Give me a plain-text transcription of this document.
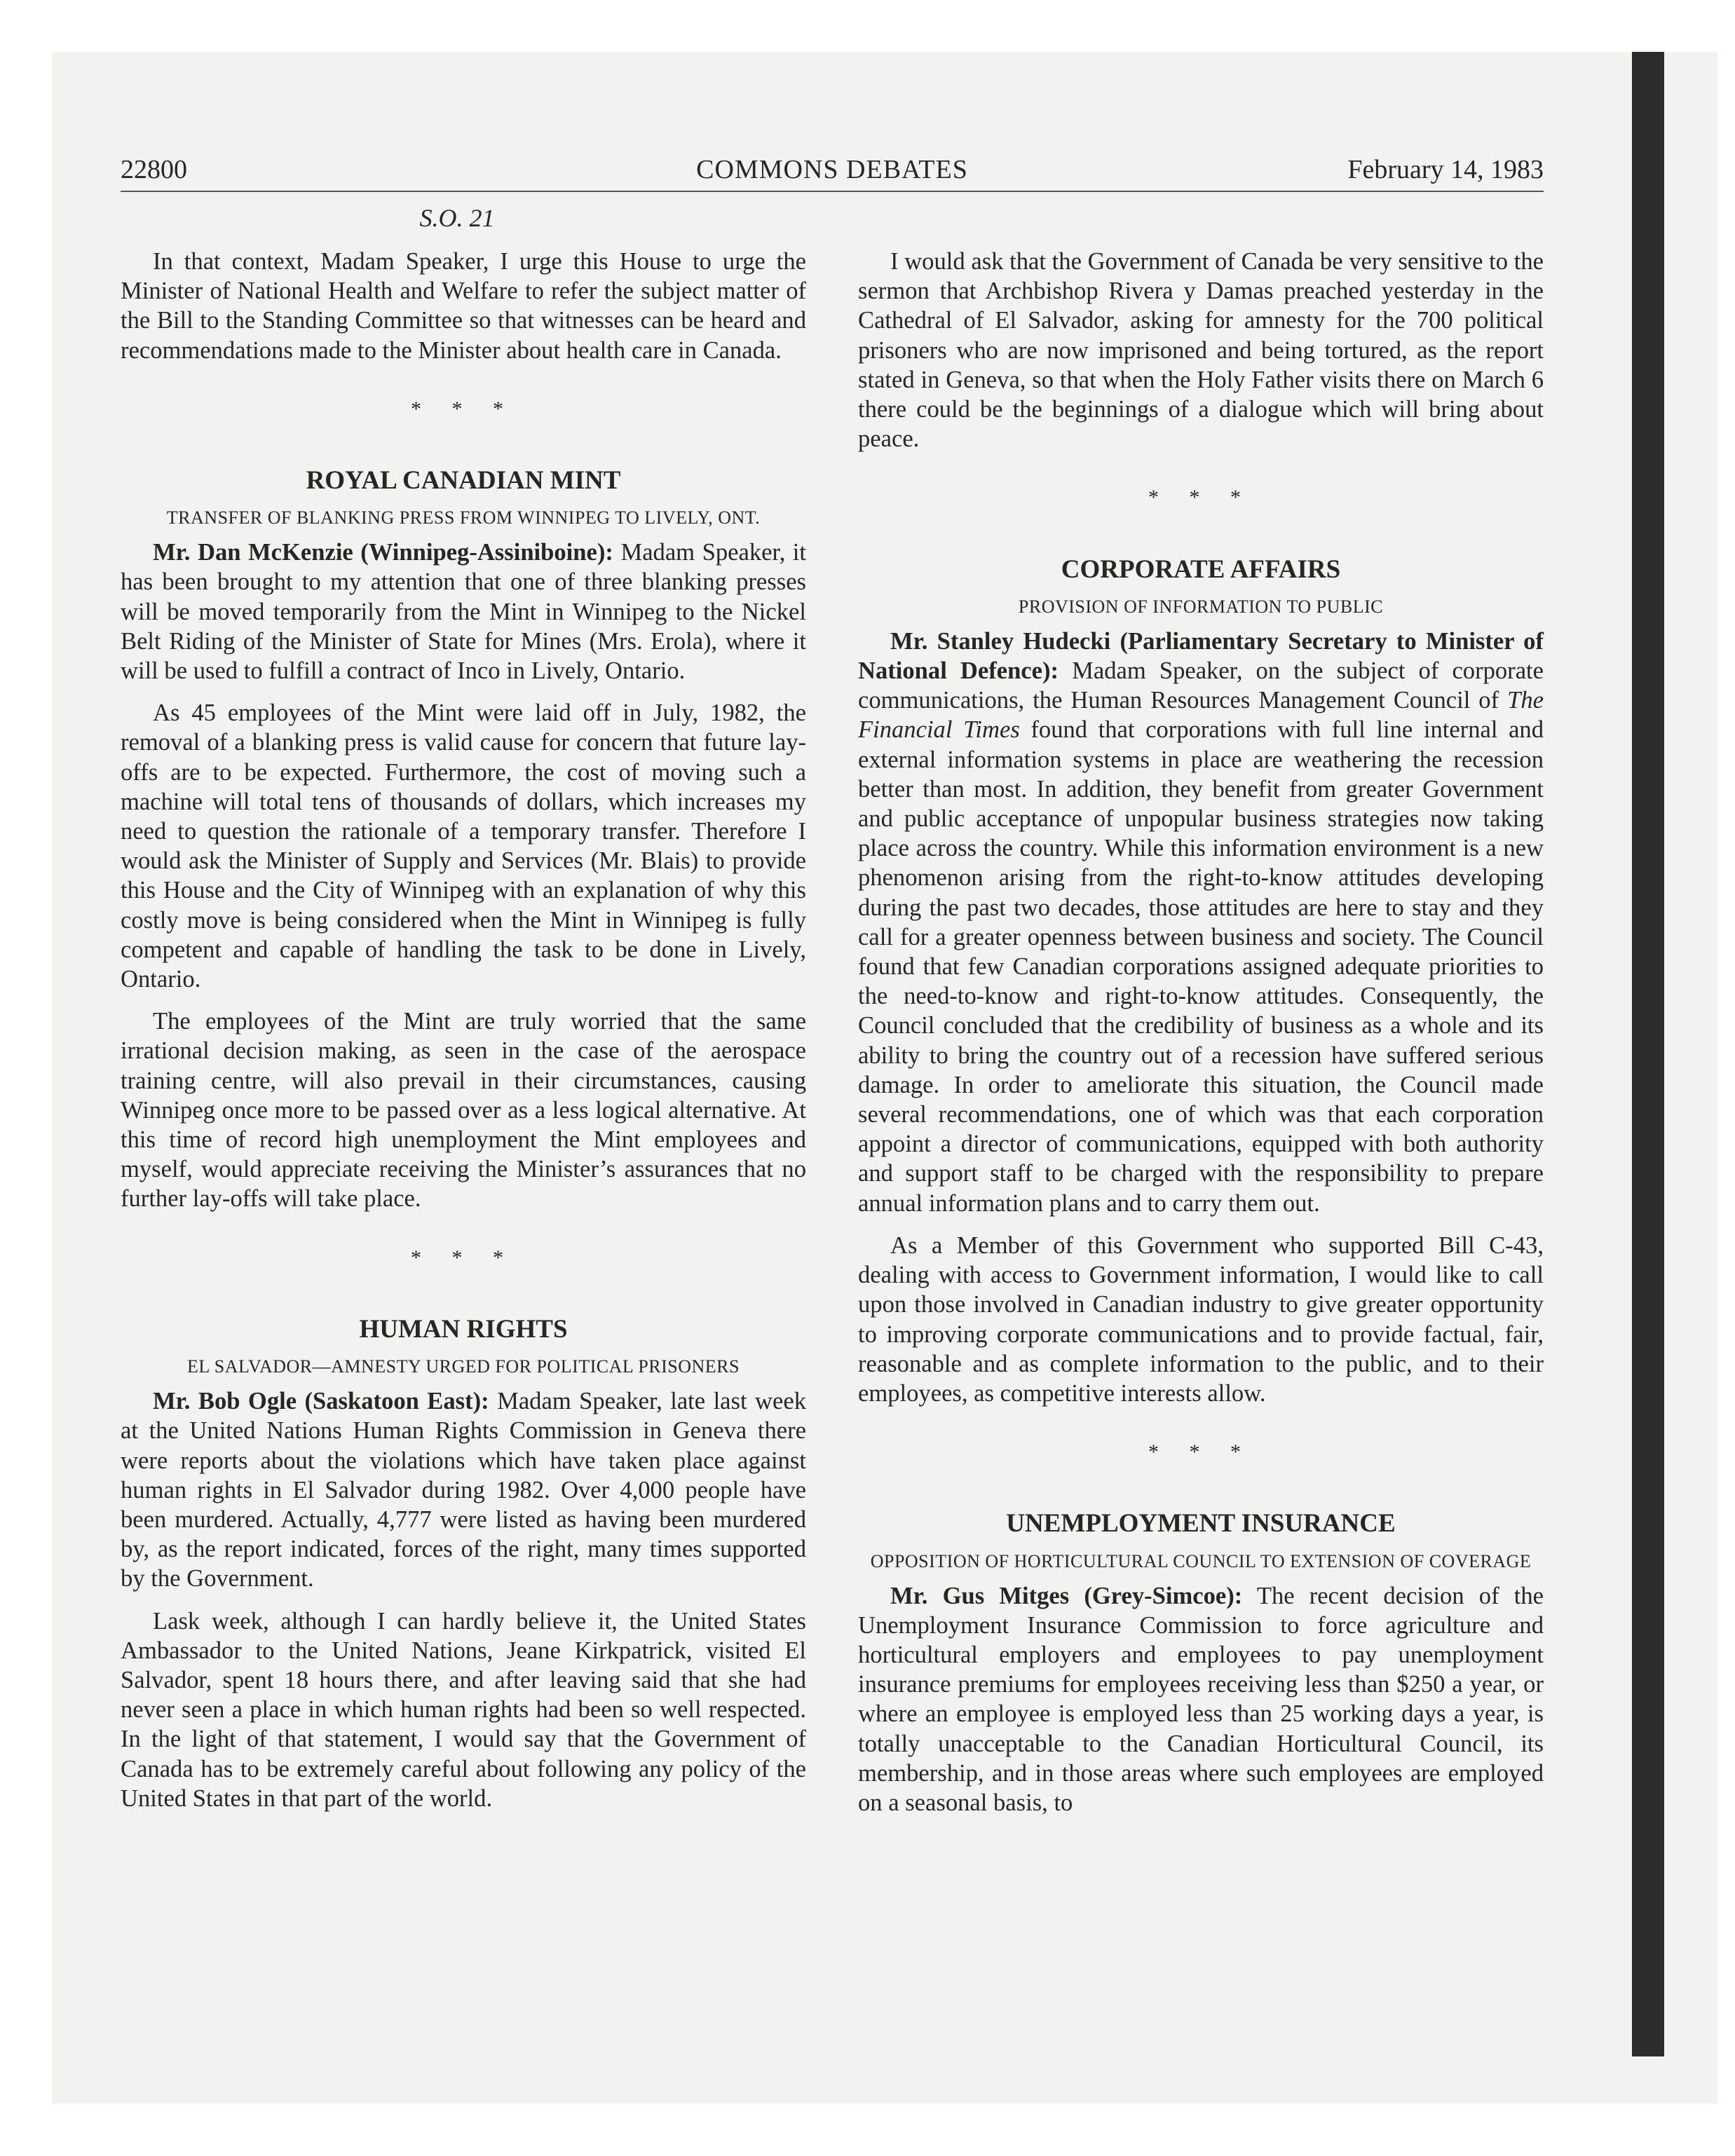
22800	COMMONS DEBATES	February 14, 1983
S.O. 21

In that context, Madam Speaker, I urge this House to urge the Minister of National Health and Welfare to refer the subject matter of the Bill to the Standing Committee so that witnesses can be heard and recommendations made to the Minister about health care in Canada.

* * *
ROYAL CANADIAN MINT
TRANSFER OF BLANKING PRESS FROM WINNIPEG TO LIVELY, ONT.

Mr. Dan McKenzie (Winnipeg-Assiniboine): Madam Speaker, it has been brought to my attention that one of three blanking presses will be moved temporarily from the Mint in Winnipeg to the Nickel Belt Riding of the Minister of State for Mines (Mrs. Erola), where it will be used to fulfill a contract of Inco in Lively, Ontario.

As 45 employees of the Mint were laid off in July, 1982, the removal of a blanking press is valid cause for concern that future lay-offs are to be expected. Furthermore, the cost of moving such a machine will total tens of thousands of dollars, which increases my need to question the rationale of a temporary transfer. Therefore I would ask the Minister of Supply and Services (Mr. Blais) to provide this House and the City of Winnipeg with an explanation of why this costly move is being considered when the Mint in Winnipeg is fully competent and capable of handling the task to be done in Lively, Ontario.

The employees of the Mint are truly worried that the same irrational decision making, as seen in the case of the aerospace training centre, will also prevail in their circumstances, causing Winnipeg once more to be passed over as a less logical alternative. At this time of record high unemployment the Mint employees and myself, would appreciate receiving the Minister’s assurances that no further lay-offs will take place.

* * *
HUMAN RIGHTS
EL SALVADOR—AMNESTY URGED FOR POLITICAL PRISONERS

Mr. Bob Ogle (Saskatoon East): Madam Speaker, late last week at the United Nations Human Rights Commission in Geneva there were reports about the violations which have taken place against human rights in El Salvador during 1982. Over 4,000 people have been murdered. Actually, 4,777 were listed as having been murdered by, as the report indicated, forces of the right, many times supported by the Government.

Lask week, although I can hardly believe it, the United States Ambassador to the United Nations, Jeane Kirkpatrick, visited El Salvador, spent 18 hours there, and after leaving said that she had never seen a place in which human rights had been so well respected. In the light of that statement, I would say that the Government of Canada has to be extremely careful about following any policy of the United States in that part of the world.

I would ask that the Government of Canada be very sensitive to the sermon that Archbishop Rivera y Damas preached yesterday in the Cathedral of El Salvador, asking for amnesty for the 700 political prisoners who are now imprisoned and being tortured, as the report stated in Geneva, so that when the Holy Father visits there on March 6 there could be the beginnings of a dialogue which will bring about peace.

* * *
CORPORATE AFFAIRS
PROVISION OF INFORMATION TO PUBLIC

Mr. Stanley Hudecki (Parliamentary Secretary to Minister of National Defence): Madam Speaker, on the subject of corporate communications, the Human Resources Management Council of The Financial Times found that corporations with full line internal and external information systems in place are weathering the recession better than most. In addition, they benefit from greater Government and public acceptance of unpopular business strategies now taking place across the country. While this information environment is a new phenomenon arising from the right-to-know attitudes developing during the past two decades, those attitudes are here to stay and they call for a greater openness between business and society. The Council found that few Canadian corporations assigned adequate priorities to the need-to-know and right-to-know attitudes. Consequently, the Council concluded that the credibility of business as a whole and its ability to bring the country out of a recession have suffered serious damage. In order to ameliorate this situation, the Council made several recommendations, one of which was that each corporation appoint a director of communications, equipped with both authority and support staff to be charged with the responsibility to prepare annual information plans and to carry them out.

As a Member of this Government who supported Bill C-43, dealing with access to Government information, I would like to call upon those involved in Canadian industry to give greater opportunity to improving corporate communications and to provide factual, fair, reasonable and as complete information to the public, and to their employees, as competitive interests allow.

* * *
UNEMPLOYMENT INSURANCE
OPPOSITION OF HORTICULTURAL COUNCIL TO EXTENSION OF COVERAGE

Mr. Gus Mitges (Grey-Simcoe): The recent decision of the Unemployment Insurance Commission to force agriculture and horticultural employers and employees to pay unemployment insurance premiums for employees receiving less than $250 a year, or where an employee is employed less than 25 working days a year, is totally unacceptable to the Canadian Horticultural Council, its membership, and in those areas where such employees are employed on a seasonal basis, to
